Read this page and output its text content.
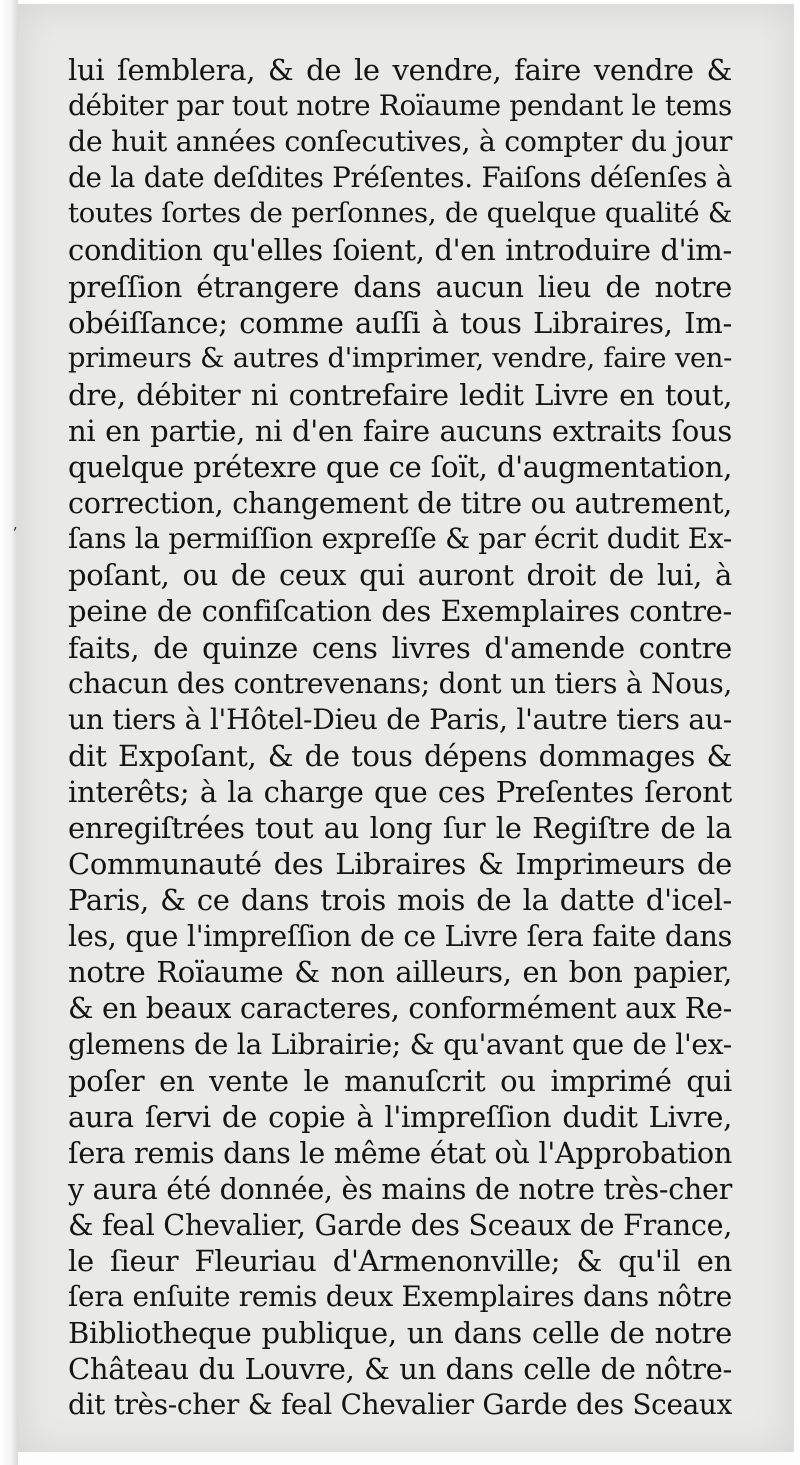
ʼ
lui ſemblera, & de le vendre, faire vendre &
débiter par tout notre Roïaume pendant le tems
de huit années conſecutives, à compter du jour
de la date deſdites Préſentes. Faiſons déſenſes à
toutes ſortes de perſonnes, de quelque qualité &
condition qu'elles ſoient, d'en introduire d'im-
preſſion étrangere dans aucun lieu de notre
obéiſſance; comme auſſi à tous Libraires, Im-
primeurs & autres d'imprimer, vendre, faire ven-
dre, débiter ni contrefaire ledit Livre en tout,
ni en partie, ni d'en faire aucuns extraits ſous
quelque prétexre que ce ſoït, d'augmentation,
correction, changement de titre ou autrement,
ſans la permiſſion expreſſe & par écrit dudit Ex-
poſant, ou de ceux qui auront droit de lui, à
peine de confiſcation des Exemplaires contre-
faits, de quinze cens livres d'amende contre
chacun des contrevenans; dont un tiers à Nous,
un tiers à l'Hôtel-Dieu de Paris, l'autre tiers au-
dit Expoſant, & de tous dépens dommages &
interêts; à la charge que ces Preſentes ſeront
enregiſtrées tout au long ſur le Regiſtre de la
Communauté des Libraires & Imprimeurs de
Paris, & ce dans trois mois de la datte d'icel-
les, que l'impreſſion de ce Livre ſera faite dans
notre Roïaume & non ailleurs, en bon papier,
& en beaux caracteres, conformément aux Re-
glemens de la Librairie; & qu'avant que de l'ex-
poſer en vente le manuſcrit ou imprimé qui
aura ſervi de copie à l'impreſſion dudit Livre,
ſera remis dans le même état où l'Approbation
y aura été donnée, ès mains de notre très-cher
& feal Chevalier, Garde des Sceaux de France,
le ſieur Fleuriau d'Armenonville; & qu'il en
ſera enſuite remis deux Exemplaires dans nôtre
Bibliotheque publique, un dans celle de notre
Château du Louvre, & un dans celle de nôtre-
dit très-cher & feal Chevalier Garde des Sceaux
